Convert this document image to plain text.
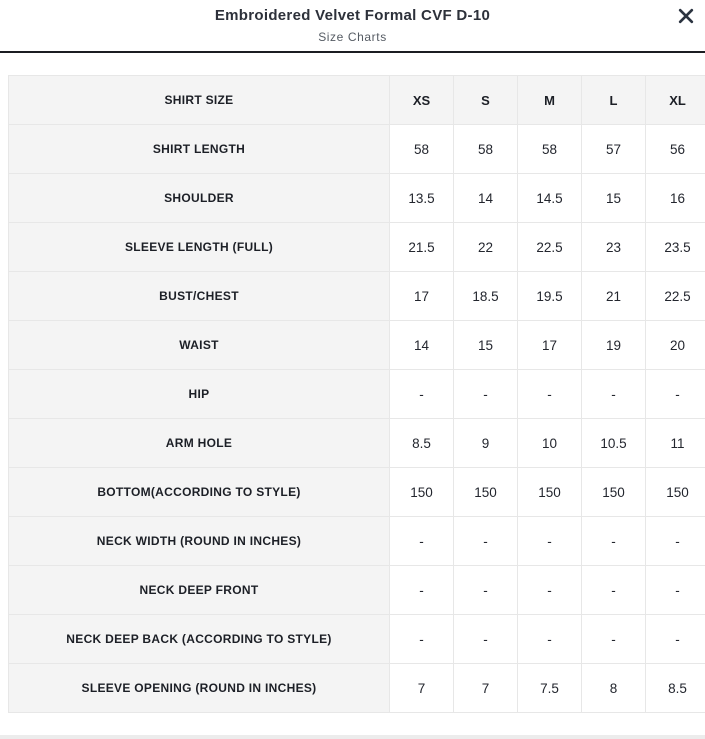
Embroidered Velvet Formal CVF D-10
Size Charts
SHIRT SIZE	XS	S	M	L	XL
SHIRT LENGTH	58	58	58	57	56
SHOULDER	13.5	14	14.5	15	16
SLEEVE LENGTH (FULL)	21.5	22	22.5	23	23.5
BUST/CHEST	17	18.5	19.5	21	22.5
WAIST	14	15	17	19	20
HIP	-	-	-	-	-
ARM HOLE	8.5	9	10	10.5	11
BOTTOM(ACCORDING TO STYLE)	150	150	150	150	150
NECK WIDTH (ROUND IN INCHES)	-	-	-	-	-
NECK DEEP FRONT	-	-	-	-	-
NECK DEEP BACK (ACCORDING TO STYLE)	-	-	-	-	-
SLEEVE OPENING (ROUND IN INCHES)	7	7	7.5	8	8.5
